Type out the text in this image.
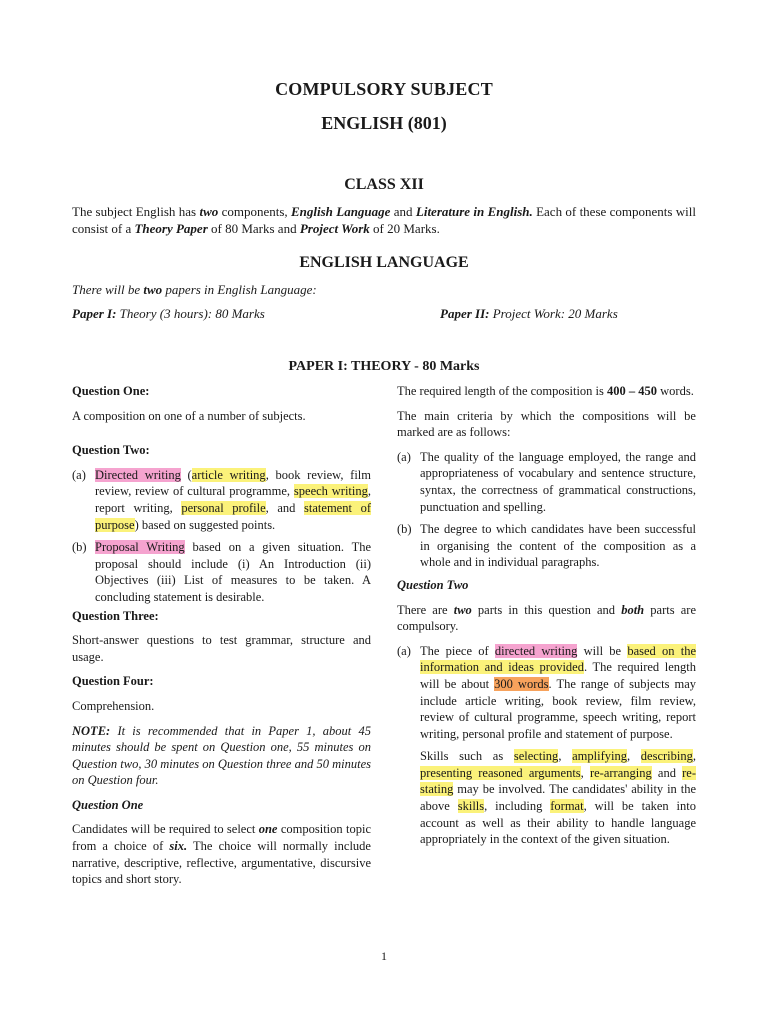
COMPULSORY SUBJECT
ENGLISH (801)
CLASS XII
The subject English has two components, English Language and Literature in English. Each of these components will consist of a Theory Paper of 80 Marks and Project Work of 20 Marks.
ENGLISH LANGUAGE
There will be two papers in English Language:
Paper I: Theory (3 hours): 80 Marks	Paper II: Project Work: 20 Marks
PAPER I: THEORY - 80 Marks

Question One:

A composition on one of a number of subjects.

Question Two:

(a) Directed writing (article writing, book review, film review, review of cultural programme, speech writing, report writing, personal profile, and statement of purpose) based on suggested points.
(b) Proposal Writing based on a given situation. The proposal should include (i) An Introduction (ii) Objectives (iii) List of measures to be taken. A concluding statement is desirable.

Question Three:

Short-answer questions to test grammar, structure and usage.

Question Four:

Comprehension.

NOTE: It is recommended that in Paper 1, about 45 minutes should be spent on Question one, 55 minutes on Question two, 30 minutes on Question three and 50 minutes on Question four.

Question One

Candidates will be required to select one composition topic from a choice of six. The choice will normally include narrative, descriptive, reflective, argumentative, discursive topics and short story.

The required length of the composition is 400 – 450 words.

The main criteria by which the compositions will be marked are as follows:

(a) The quality of the language employed, the range and appropriateness of vocabulary and sentence structure, syntax, the correctness of grammatical constructions, punctuation and spelling.
(b) The degree to which candidates have been successful in organising the content of the composition as a whole and in individual paragraphs.

Question Two

There are two parts in this question and both parts are compulsory.

(a) The piece of directed writing will be based on the information and ideas provided. The required length will be about 300 words. The range of subjects may include article writing, book review, film review, review of cultural programme, speech writing, report writing, personal profile and statement of purpose.

Skills such as selecting, amplifying, describing, presenting reasoned arguments, re-arranging and re-stating may be involved. The candidates' ability in the above skills, including format, will be taken into account as well as their ability to handle language appropriately in the context of the given situation.

1
